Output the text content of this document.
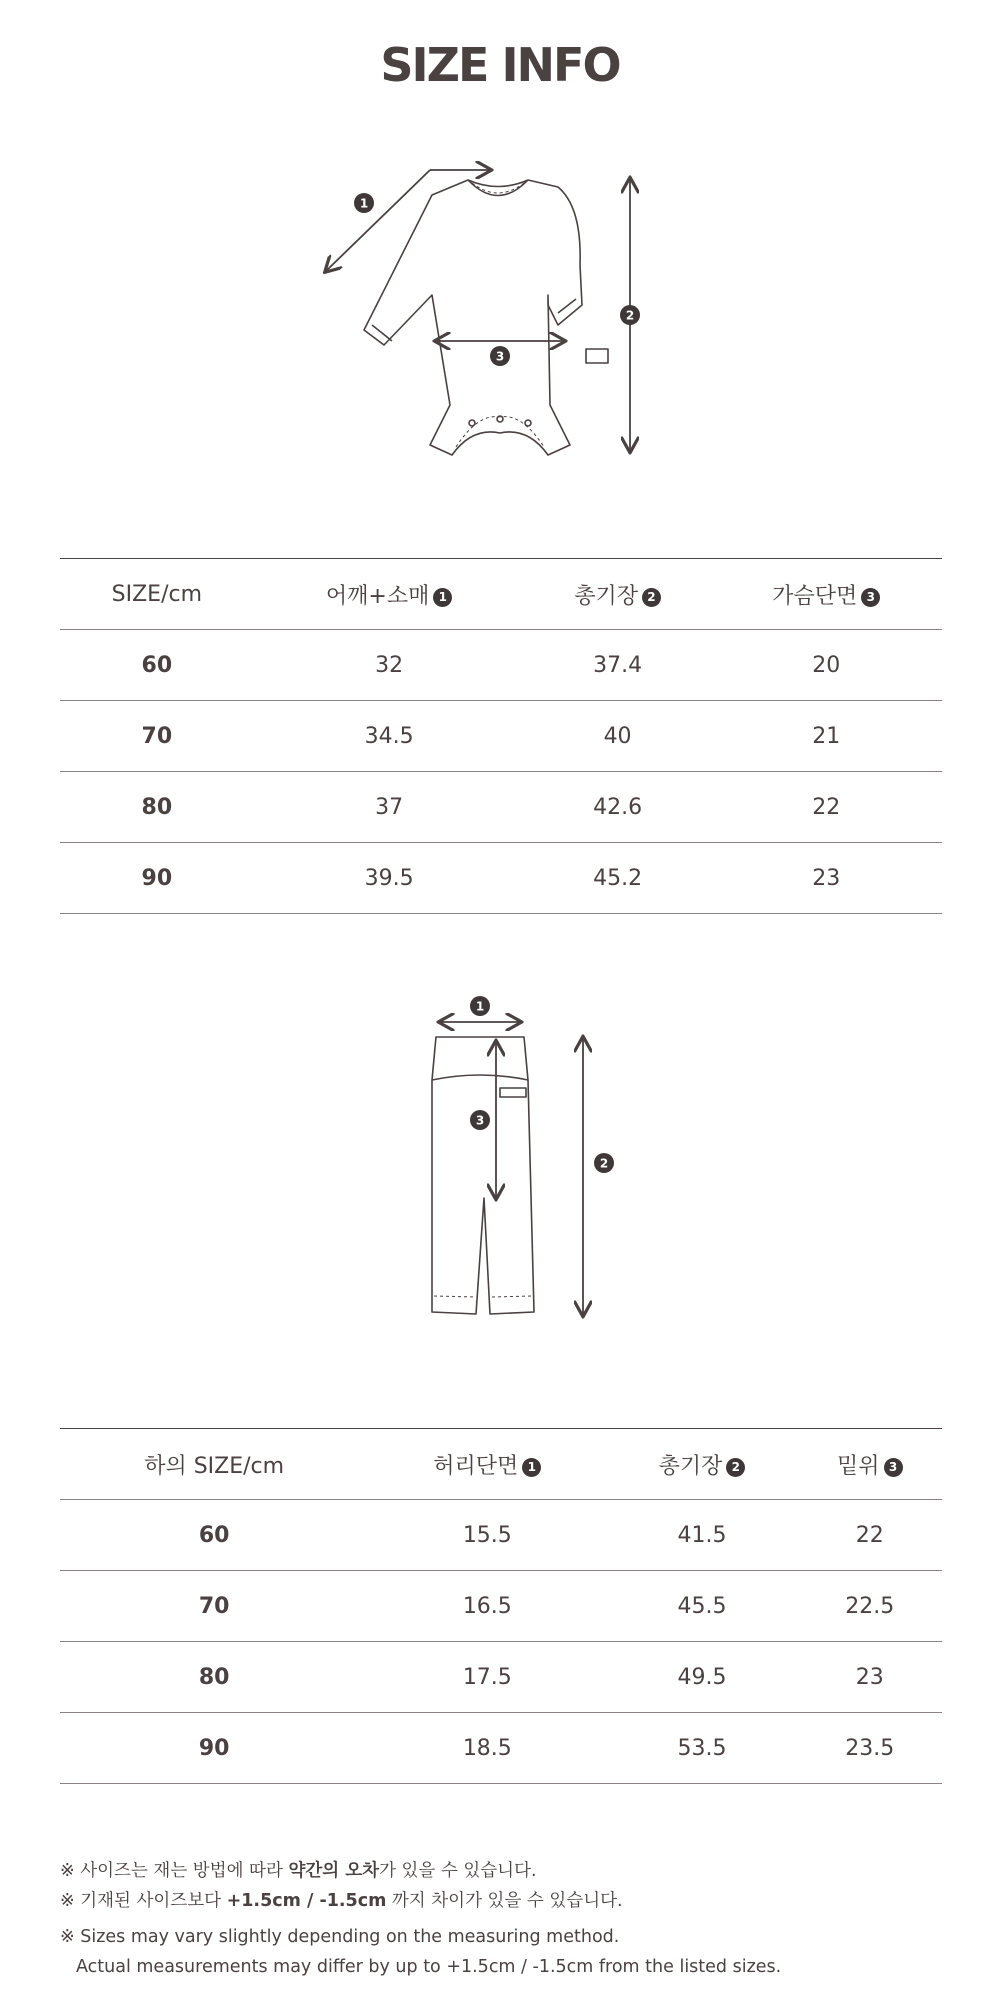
SIZE INFO
1
2
3
SIZE/cm	어깨+소매 1	총기장 2	가슴단면 3
60	32	37.4	20
70	34.5	40	21
80	37	42.6	22
90	39.5	45.2	23
1
2
3
하의 SIZE/cm	허리단면 1	총기장 2	밑위 3
60	15.5	41.5	22
70	16.5	45.5	22.5
80	17.5	49.5	23
90	18.5	53.5	23.5

※ 사이즈는 재는 방법에 따라 약간의 오차가 있을 수 있습니다.

※ 기재된 사이즈보다 +1.5cm / -1.5cm 까지 차이가 있을 수 있습니다.

※ Sizes may vary slightly depending on the measuring method.

Actual measurements may differ by up to +1.5cm / -1.5cm from the listed sizes.
